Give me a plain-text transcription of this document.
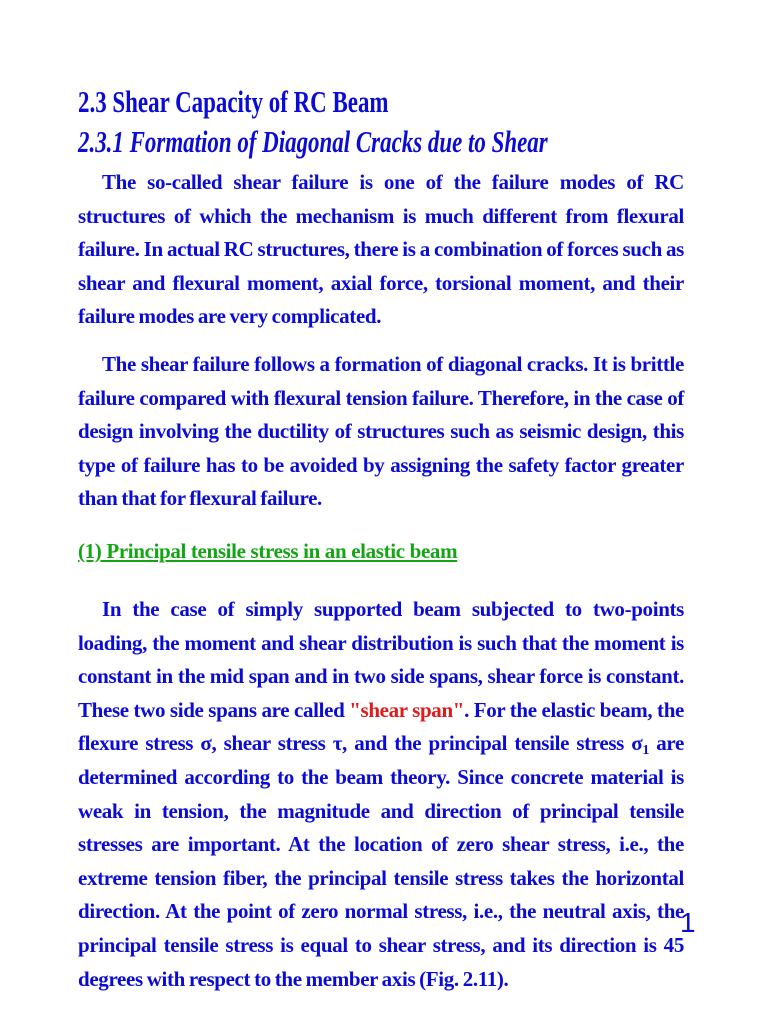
2.3 Shear Capacity of RC Beam
2.3.1 Formation of Diagonal Cracks due to Shear
The so-called shear failure is one of the failure modes of RC structures of which the mechanism is much different from flexural failure. In actual RC structures, there is a combination of forces such as shear and flexural moment, axial force, torsional moment, and their failure modes are very complicated.
The shear failure follows a formation of diagonal cracks. It is brittle failure compared with flexural tension failure. Therefore, in the case of design involving the ductility of structures such as seismic design, this type of failure has to be avoided by assigning the safety factor greater than that for flexural failure.
(1) Principal tensile stress in an elastic beam
In the case of simply supported beam subjected to two-points loading, the moment and shear distribution is such that the moment is constant in the mid span and in two side spans, shear force is constant. These two side spans are called "shear span". For the elastic beam, the flexure stress σ, shear stress τ, and the principal tensile stress $\sigma_1$ are determined according to the beam theory. Since concrete material is weak in tension, the magnitude and direction of principal tensile stresses are important. At the location of zero shear stress, i.e., the extreme tension fiber, the principal tensile stress takes the horizontal direction. At the point of zero normal stress, i.e., the neutral axis, the principal tensile stress is equal to shear stress, and its direction is 45 degrees with respect to the member axis (Fig. 2.11).
1
